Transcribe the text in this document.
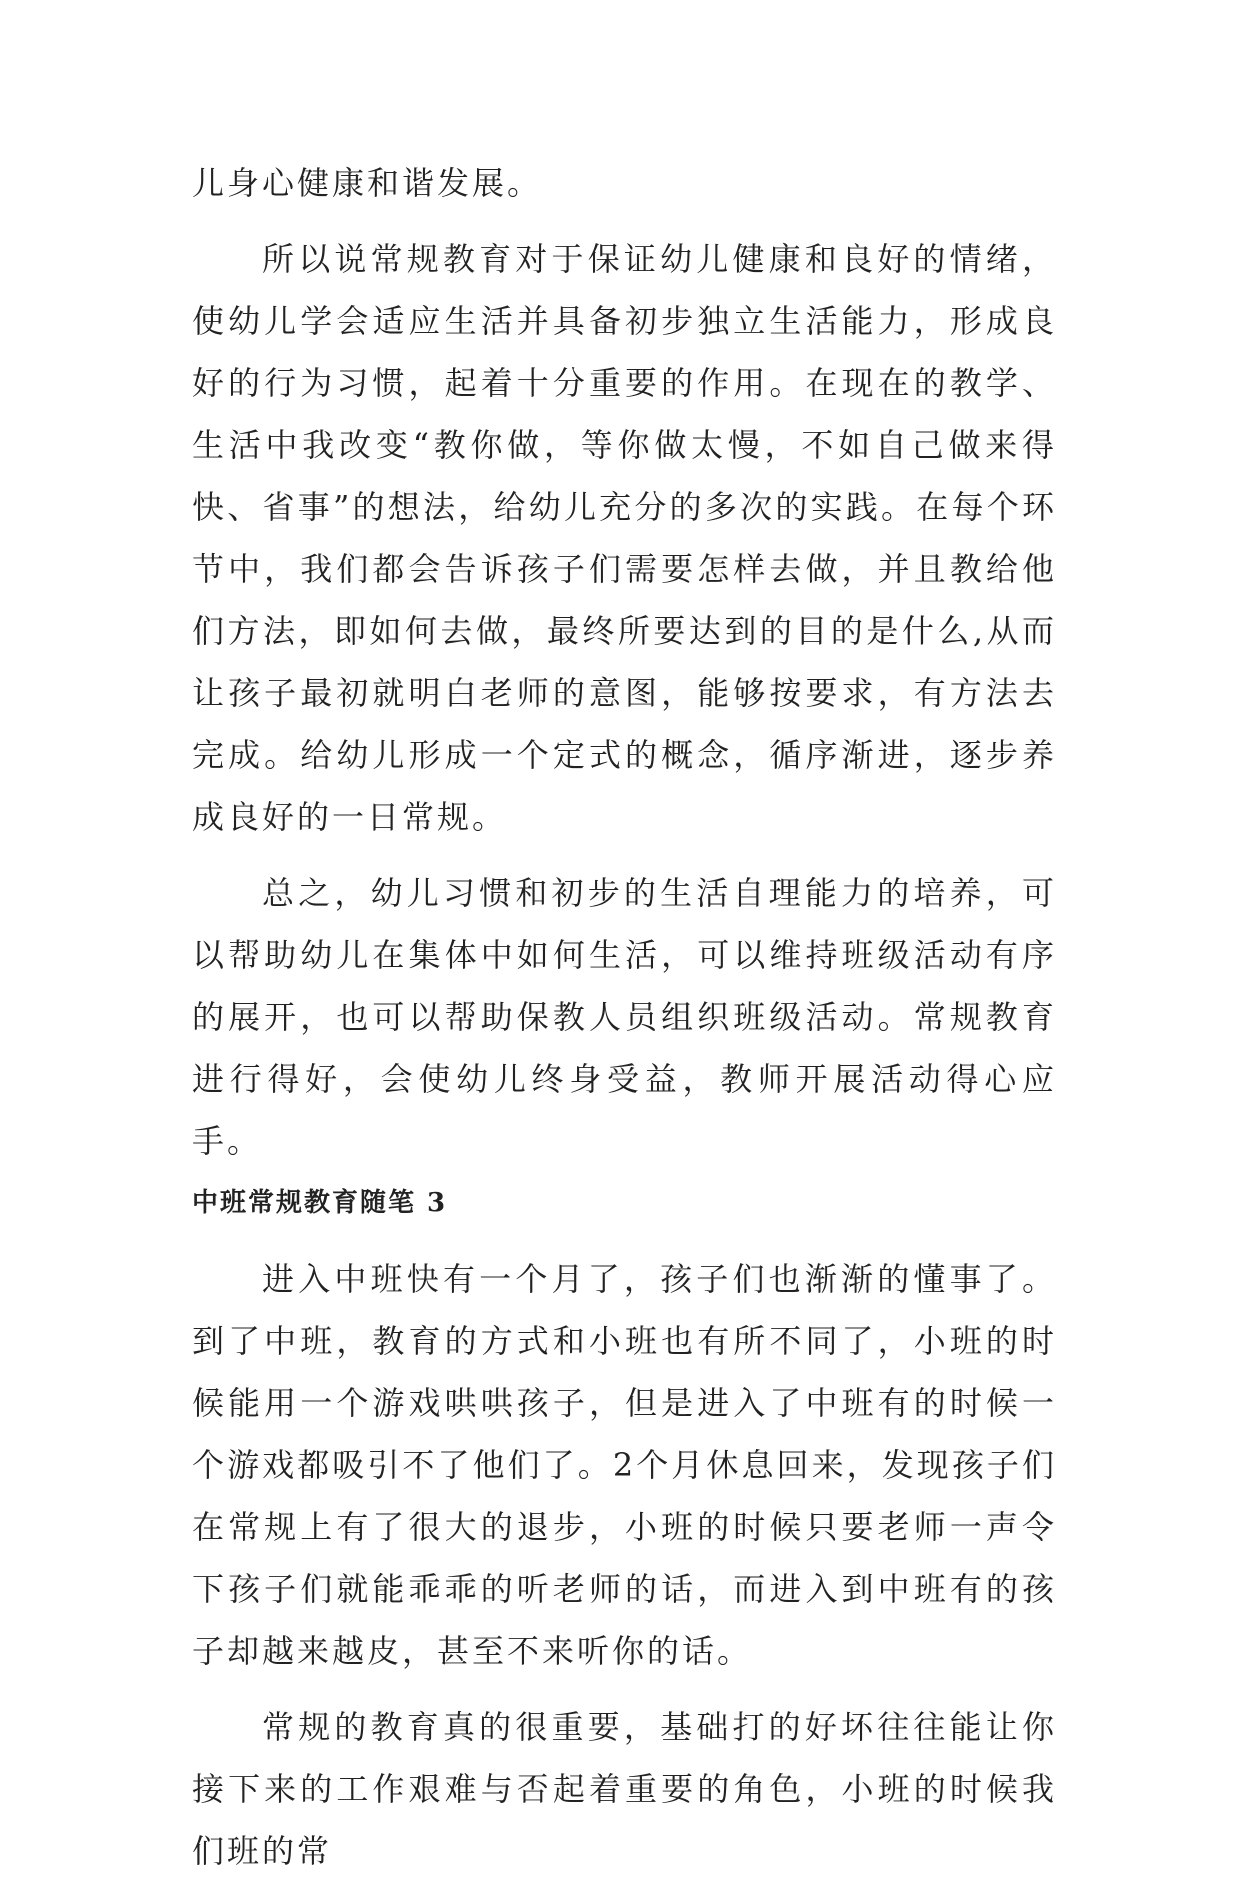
儿身心健康和谐发展。

所以说常规教育对于保证幼儿健康和良好的情绪，使幼儿学会适应生活并具备初步独立生活能力，形成良好的行为习惯，起着十分重要的作用。在现在的教学、生活中我改变“教你做，等你做太慢，不如自己做来得快、省事”的想法，给幼儿充分的多次的实践。在每个环节中，我们都会告诉孩子们需要怎样去做，并且教给他们方法，即如何去做，最终所要达到的目的是什么,从而让孩子最初就明白老师的意图，能够按要求，有方法去完成。给幼儿形成一个定式的概念，循序渐进，逐步养成良好的一日常规。

总之，幼儿习惯和初步的生活自理能力的培养，可以帮助幼儿在集体中如何生活，可以维持班级活动有序的展开，也可以帮助保教人员组织班级活动。常规教育进行得好，会使幼儿终身受益，教师开展活动得心应手。

中班常规教育随笔 3

进入中班快有一个月了，孩子们也渐渐的懂事了。到了中班，教育的方式和小班也有所不同了，小班的时候能用一个游戏哄哄孩子，但是进入了中班有的时候一个游戏都吸引不了他们了。2个月休息回来，发现孩子们在常规上有了很大的退步，小班的时候只要老师一声令下孩子们就能乖乖的听老师的话，而进入到中班有的孩子却越来越皮，甚至不来听你的话。

常规的教育真的很重要，基础打的好坏往往能让你接下来的工作艰难与否起着重要的角色，小班的时候我们班的常
